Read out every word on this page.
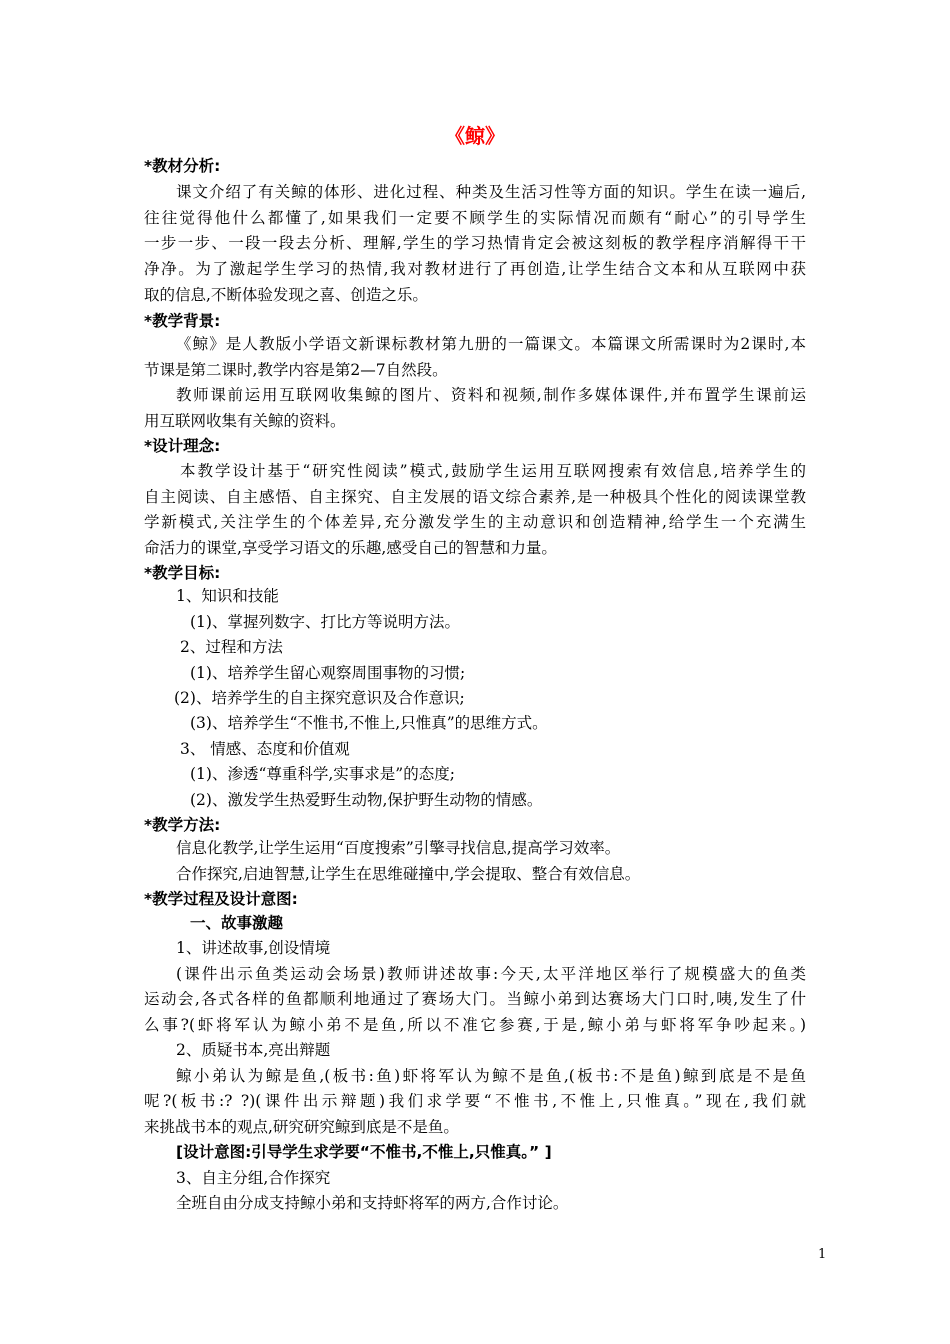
《鲸》
*教材分析:
课文介绍了有关鲸的体形、进化过程、种类及生活习性等方面的知识。学生在读一遍后,
往往觉得他什么都懂了,如果我们一定要不顾学生的实际情况而颇有“耐心”的引导学生
一步一步、一段一段去分析、理解,学生的学习热情肯定会被这刻板的教学程序消解得干干
净净。为了激起学生学习的热情,我对教材进行了再创造,让学生结合文本和从互联网中获
取的信息,不断体验发现之喜、创造之乐。
*教学背景:
《鲸》是人教版小学语文新课标教材第九册的一篇课文。本篇课文所需课时为2课时,本
节课是第二课时,教学内容是第2—7自然段。
教师课前运用互联网收集鲸的图片、资料和视频,制作多媒体课件,并布置学生课前运
用互联网收集有关鲸的资料。
*设计理念:
本教学设计基于“研究性阅读”模式,鼓励学生运用互联网搜索有效信息,培养学生的
自主阅读、自主感悟、自主探究、自主发展的语文综合素养,是一种极具个性化的阅读课堂教
学新模式,关注学生的个体差异,充分激发学生的主动意识和创造精神,给学生一个充满生
命活力的课堂,享受学习语文的乐趣,感受自己的智慧和力量。
*教学目标:
1、知识和技能
(1)、掌握列数字、打比方等说明方法。
2、过程和方法
(1)、培养学生留心观察周围事物的习惯;
(2)、培养学生的自主探究意识及合作意识;
(3)、培养学生“不惟书,不惟上,只惟真”的思维方式。
3、 情感、态度和价值观
(1)、渗透“尊重科学,实事求是”的态度;
(2)、激发学生热爱野生动物,保护野生动物的情感。
*教学方法:
信息化教学,让学生运用“百度搜索”引擎寻找信息,提高学习效率。
合作探究,启迪智慧,让学生在思维碰撞中,学会提取、整合有效信息。
*教学过程及设计意图:
一、故事激趣
1、讲述故事,创设情境
(课件出示鱼类运动会场景)教师讲述故事:今天,太平洋地区举行了规模盛大的鱼类
运动会,各式各样的鱼都顺利地通过了赛场大门。当鲸小弟到达赛场大门口时,咦,发生了什
么事?(虾将军认为鲸小弟不是鱼,所以不准它参赛,于是,鲸小弟与虾将军争吵起来。)
2、质疑书本,亮出辩题
鲸小弟认为鲸是鱼,(板书:鱼)虾将军认为鲸不是鱼,(板书:不是鱼)鲸到底是不是鱼
呢?(板书:? ?)(课件出示辩题)我们求学要“不惟书,不惟上,只惟真。”现在,我们就
来挑战书本的观点,研究研究鲸到底是不是鱼。
[设计意图:引导学生求学要“不惟书,不惟上,只惟真。” ]
3、自主分组,合作探究
全班自由分成支持鲸小弟和支持虾将军的两方,合作讨论。
1
